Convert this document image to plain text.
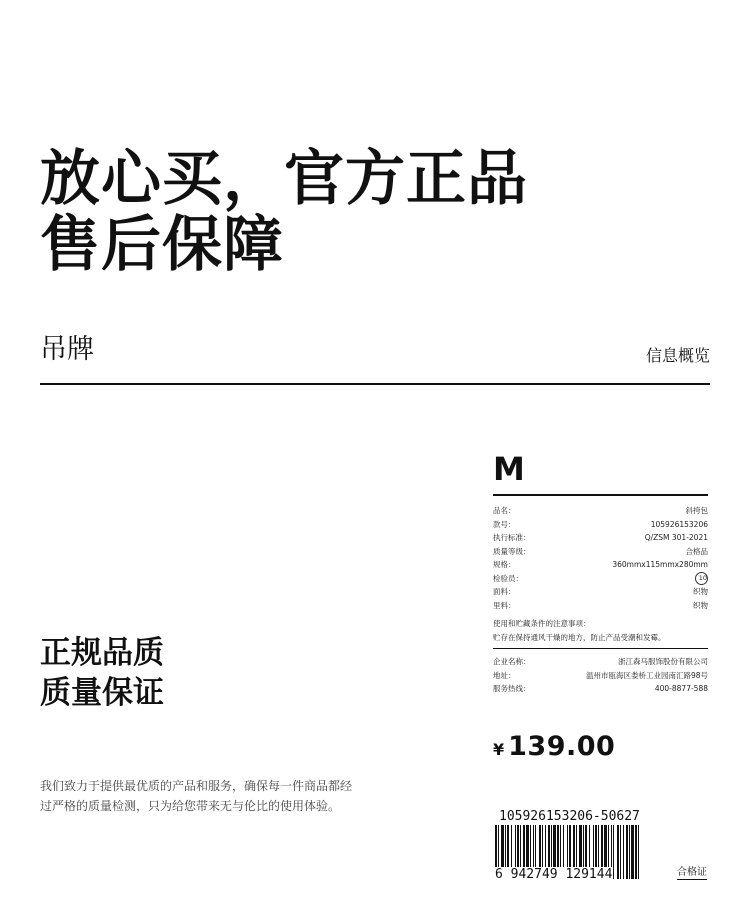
放心买，官方正品
售后保障
吊牌	信息概览
正规品质
质量保证
我们致力于提供最优质的产品和服务，确保每一件商品都经过严格的质量检测，只为给您带来无与伦比的使用体验。
M
品名：	斜挎包
款号：	105926153206
执行标准：	Q/ZSM 301-2021
质量等级：	合格品
规格：	360mmx115mmx280mm
检验员：	10
面料：	织物
里料：	织物
使用和贮藏条件的注意事项：
贮存在保持通风干燥的地方，防止产品受潮和发霉。
企业名称：	浙江森马服饰股份有限公司
地址：	温州市瓯海区娄桥工业园南汇路98号
服务热线：	400-8877-588
¥ 139.00
105926153206-50627
6 942749 129144	合格证
